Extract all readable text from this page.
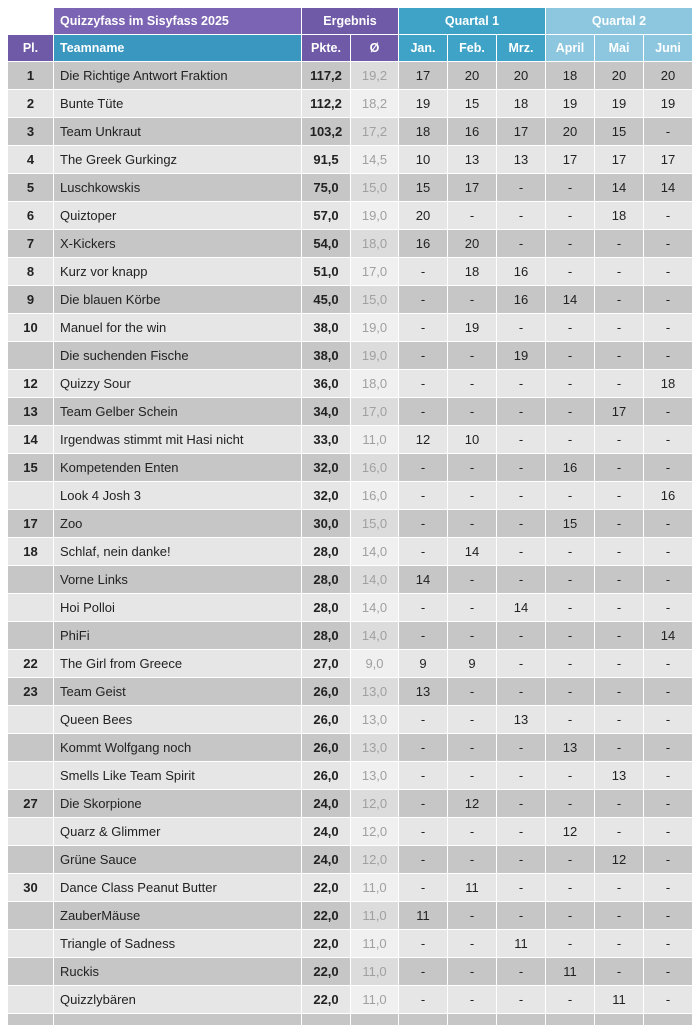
	Quizzyfass im Sisyfass 2025	Ergebnis		Quartal 1			Quartal 2		
Pl.	Teamname	Pkte.	Ø	Jan.	Feb.	Mrz.	April	Mai	Juni
1	Die Richtige Antwort Fraktion	117,2	19,2	17	20	20	18	20	20
2	Bunte Tüte	112,2	18,2	19	15	18	19	19	19
3	Team Unkraut	103,2	17,2	18	16	17	20	15	-
4	The Greek Gurkingz	91,5	14,5	10	13	13	17	17	17
5	Luschkowskis	75,0	15,0	15	17	-	-	14	14
6	Quiztoper	57,0	19,0	20	-	-	-	18	-
7	X-Kickers	54,0	18,0	16	20	-	-	-	-
8	Kurz vor knapp	51,0	17,0	-	18	16	-	-	-
9	Die blauen Körbe	45,0	15,0	-	-	16	14	-	-
10	Manuel for the win	38,0	19,0	-	19	-	-	-	-
	Die suchenden Fische	38,0	19,0	-	-	19	-	-	-
12	Quizzy Sour	36,0	18,0	-	-	-	-	-	18
13	Team Gelber Schein	34,0	17,0	-	-	-	-	17	-
14	Irgendwas stimmt mit Hasi nicht	33,0	11,0	12	10	-	-	-	-
15	Kompetenden Enten	32,0	16,0	-	-	-	16	-	-
	Look 4 Josh 3	32,0	16,0	-	-	-	-	-	16
17	Zoo	30,0	15,0	-	-	-	15	-	-
18	Schlaf, nein danke!	28,0	14,0	-	14	-	-	-	-
	Vorne Links	28,0	14,0	14	-	-	-	-	-
	Hoi Polloi	28,0	14,0	-	-	14	-	-	-
	PhiFi	28,0	14,0	-	-	-	-	-	14
22	The Girl from Greece	27,0	9,0	9	9	-	-	-	-
23	Team Geist	26,0	13,0	13	-	-	-	-	-
	Queen Bees	26,0	13,0	-	-	13	-	-	-
	Kommt Wolfgang noch	26,0	13,0	-	-	-	13	-	-
	Smells Like Team Spirit	26,0	13,0	-	-	-	-	13	-
27	Die Skorpione	24,0	12,0	-	12	-	-	-	-
	Quarz & Glimmer	24,0	12,0	-	-	-	12	-	-
	Grüne Sauce	24,0	12,0	-	-	-	-	12	-
30	Dance Class Peanut Butter	22,0	11,0	-	11	-	-	-	-
	ZauberMäuse	22,0	11,0	11	-	-	-	-	-
	Triangle of Sadness	22,0	11,0	-	-	11	-	-	-
	Ruckis	22,0	11,0	-	-	-	11	-	-
	Quizzlybären	22,0	11,0	-	-	-	-	11	-
